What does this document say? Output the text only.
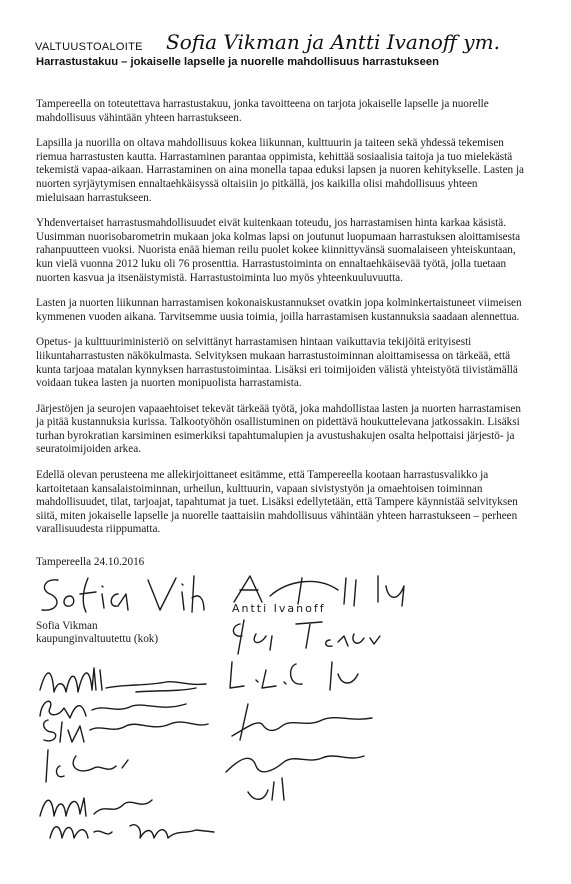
VALTUUSTOALOITE Sofia Vikman ja Antti Ivanoff ym.
Harrastustakuu – jokaiselle lapselle ja nuorelle mahdollisuus harrastukseen

Tampereella on toteutettava harrastustakuu, jonka tavoitteena on tarjota jokaiselle lapselle ja nuorelle mahdollisuus vähintään yhteen harrastukseen.

Lapsilla ja nuorilla on oltava mahdollisuus kokea liikunnan, kulttuurin ja taiteen sekä yhdessä tekemisen riemua harrastusten kautta. Harrastaminen parantaa oppimista, kehittää sosiaalisia taitoja ja tuo mielekästä tekemistä vapaa-aikaan. Harrastaminen on aina monella tapaa eduksi lapsen ja nuoren kehitykselle. Lasten ja nuorten syrjäytymisen ennaltaehkäisyssä oltaisiin jo pitkällä, jos kaikilla olisi mahdollisuus yhteen mieluisaan harrastukseen.

Yhdenvertaiset harrastusmahdollisuudet eivät kuitenkaan toteudu, jos harrastamisen hinta karkaa käsistä. Uusimman nuorisobarometrin mukaan joka kolmas lapsi on joutunut luopumaan harrastuksen aloittamisesta rahanpuutteen vuoksi. Nuorista enää hieman reilu puolet kokee kiinnittyvänsä suomalaiseen yhteiskuntaan, kun vielä vuonna 2012 luku oli 76 prosenttia. Harrastustoiminta on ennaltaehkäisevää työtä, jolla tuetaan nuorten kasvua ja itsenäistymistä. Harrastustoiminta luo myös yhteenkuuluvuutta.

Lasten ja nuorten liikunnan harrastamisen kokonaiskustannukset ovatkin jopa kolminkertaistuneet viimeisen kymmenen vuoden aikana. Tarvitsemme uusia toimia, joilla harrastamisen kustannuksia saadaan alennettua.

Opetus- ja kulttuuriministeriö on selvittänyt harrastamisen hintaan vaikuttavia tekijöitä erityisesti liikuntaharrastusten näkökulmasta. Selvityksen mukaan harrastustoiminnan aloittamisessa on tärkeää, että kunta tarjoaa matalan kynnyksen harrastustoimintaa. Lisäksi eri toimijoiden välistä yhteistyötä tiivistämällä voidaan tukea lasten ja nuorten monipuolista harrastamista.

Järjestöjen ja seurojen vapaaehtoiset tekevät tärkeää työtä, joka mahdollistaa lasten ja nuorten harrastamisen ja pitää kustannuksia kurissa. Talkootyöhön osallistuminen on pidettävä houkuttelevana jatkossakin. Lisäksi turhan byrokratian karsiminen esimerkiksi tapahtumalupien ja avustushakujen osalta helpottaisi järjestö- ja seuratoimijoiden arkea.

Edellä olevan perusteena me allekirjoittaneet esitämme, että Tampereella kootaan harrastusvalikko ja kartoitetaan kansalaistoiminnan, urheilun, kulttuurin, vapaan sivistystyön ja omaehtoisen toiminnan mahdollisuudet, tilat, tarjoajat, tapahtumat ja tuet. Lisäksi edellytetään, että Tampere käynnistää selvityksen siitä, miten jokaiselle lapselle ja nuorelle taattaisiin mahdollisuus vähintään yhteen harrastukseen – perheen varallisuudesta riippumatta.

Tampereella 24.10.2016
Sofia Vikman
kaupunginvaltuutettu (kok)
Antti Ivanoff
